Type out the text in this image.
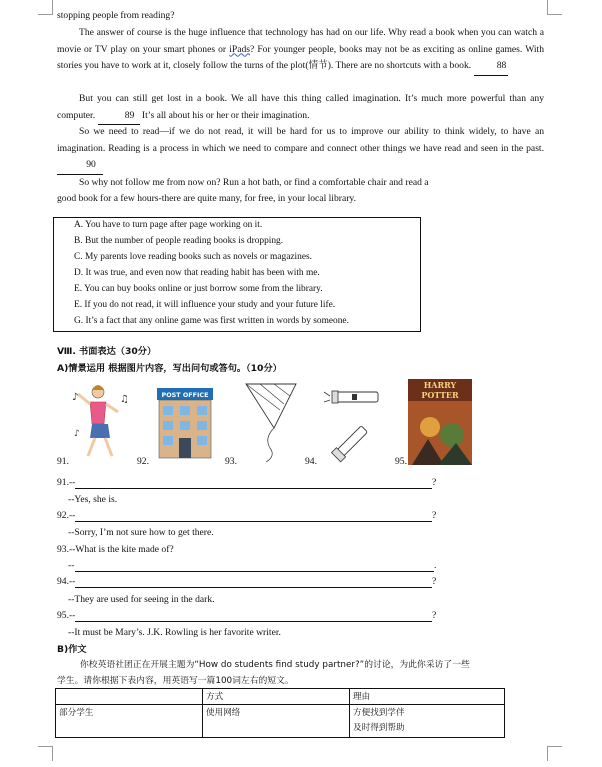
stopping people from reading?

The answer of course is the huge influence that technology has had on our life. Why read a book when you can watch a movie or TV play on your smart phones or iPads? For younger people, books may not be as exciting as online games. With stories you have to work at it, closely follow the turns of the plot(情节). There are no shortcuts with a book.	88

But you can still get lost in a book. We all have this thing called imagination. It’s much more powerful than any computer.	89 It’s all about his or her or their imagination.

So we need to read—if we do not read, it will be hard for us to improve our ability to think widely, to have an imagination. Reading is a process in which we need to compare and connect other things we have read and seen in the past. 90

So why not follow me from now on? Run a hot bath, or find a comfortable chair and read a

good book for a few hours-there are quite many, for free, in your local library.

A. You have to turn page after page working on it.
B. But the number of people reading books is dropping.
C. My parents love reading books such as novels or magazines.
D. It was true, and even now that reading habit has been with me.
E. You can buy books online or just borrow some from the library.
E. If you do not read, it will influence your study and your future life.
G. It’s a fact that any online game was first written in words by someone.
Ⅷ. 书面表达（30分）
A)情景运用 根据图片内容，写出问句或答句。（10分）
♪	♫
♪
POST OFFICE
HARRY
POTTER
91.	92.	93.	94.	95.
91.--	?
--Yes, she is.
92.--	?
--Sorry, I’m not sure how to get there.
93.--What is the kite made of?
--	.
94.--	?
--They are used for seeing in the dark.
95.--	?
--It must be Mary’s. J.K. Rowling is her favorite writer.
B)作文
你校英语社团正在开展主题为“How do students find study partner?”的讨论，为此你采访了一些
学生。请你根据下表内容，用英语写一篇100词左右的短文。
	方式	理由
部分学生	使用网络	方便找到学伴
及时得到帮助
